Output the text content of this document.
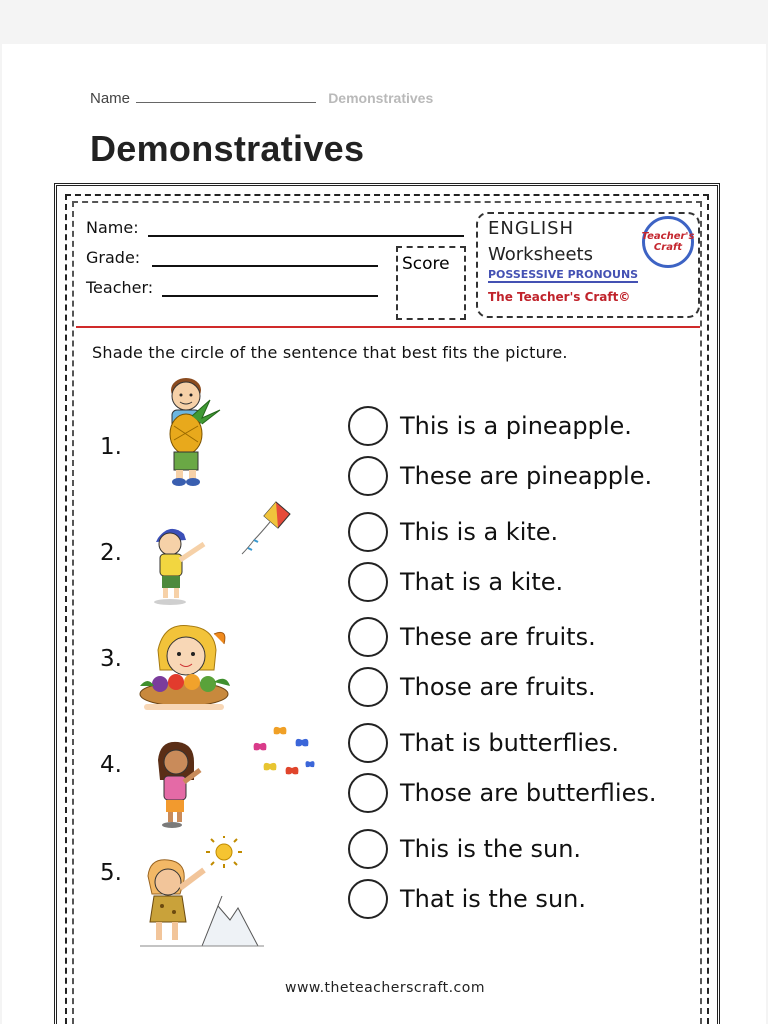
Name	Demonstratives
Demonstratives
Name:
Grade:
Teacher:
Score
ENGLISH
Worksheets
POSSESSIVE PRONOUNS
The Teacher's Craft©
Teacher's
Craft
Shade the circle of the sentence that best fits the picture.
1.
This is a pineapple.
These are pineapple.
2.
This is a kite.
That is a kite.
3.
These are fruits.
Those are fruits.
4.
That is butterflies.
Those are butterflies.
5.
This is the sun.
That is the sun.
www.theteacherscraft.com
